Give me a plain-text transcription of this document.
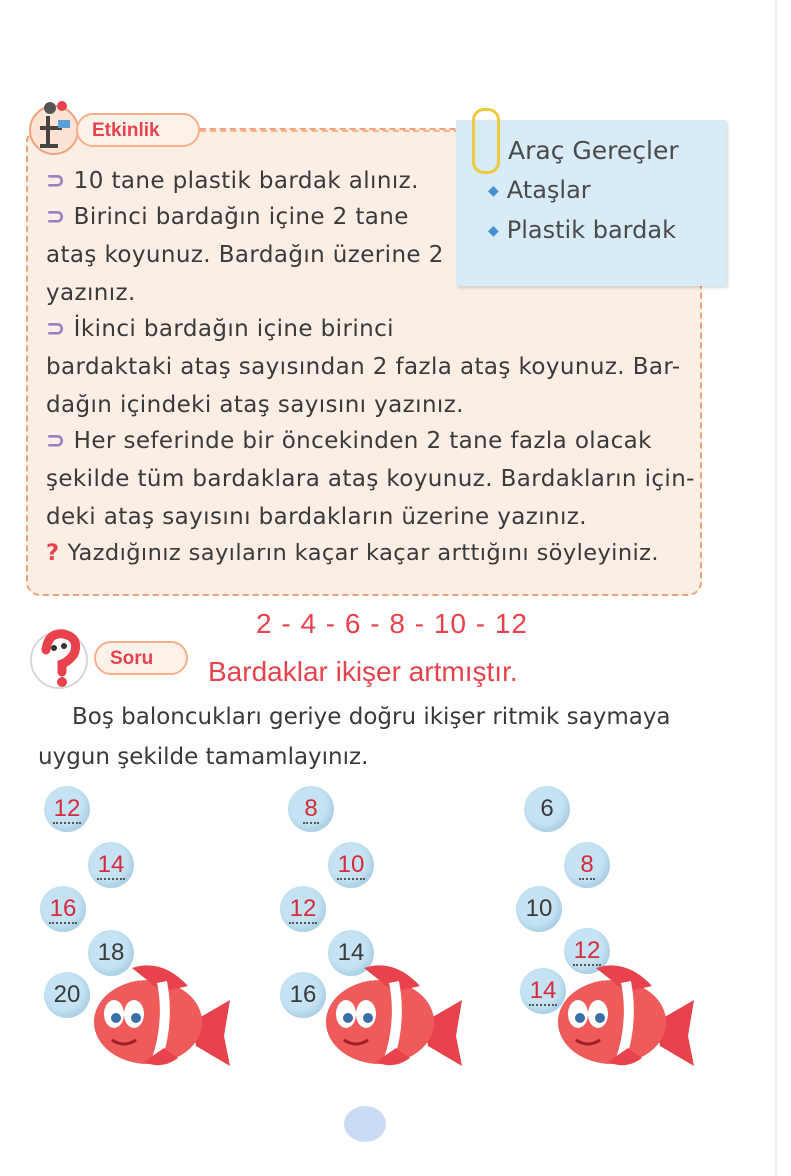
Etkinlik
Araç Gereçler
◆ Ataşlar
◆ Plastik bardak
⊃ 10 tane plastik bardak alınız.
⊃ Birinci bardağın içine 2 tane
ataş koyunuz. Bardağın üzerine 2
yazınız.
⊃ İkinci bardağın içine birinci
bardaktaki ataş sayısından 2 fazla ataş koyunuz. Bar-
dağın içindeki ataş sayısını yazınız.
⊃ Her seferinde bir öncekinden 2 tane fazla olacak
şekilde tüm bardaklara ataş koyunuz. Bardakların için-
deki ataş sayısını bardakların üzerine yazınız.
? Yazdığınız sayıların kaçar kaçar arttığını söyleyiniz.
2 - 4 - 6 - 8 - 10 - 12
Bardaklar ikişer artmıştır.
Soru
Boş baloncukları geriye doğru ikişer ritmik saymaya
uygun şekilde tamamlayınız.
12
14
16
18
20
8
10
12
14
16
6
8
10
12
14
